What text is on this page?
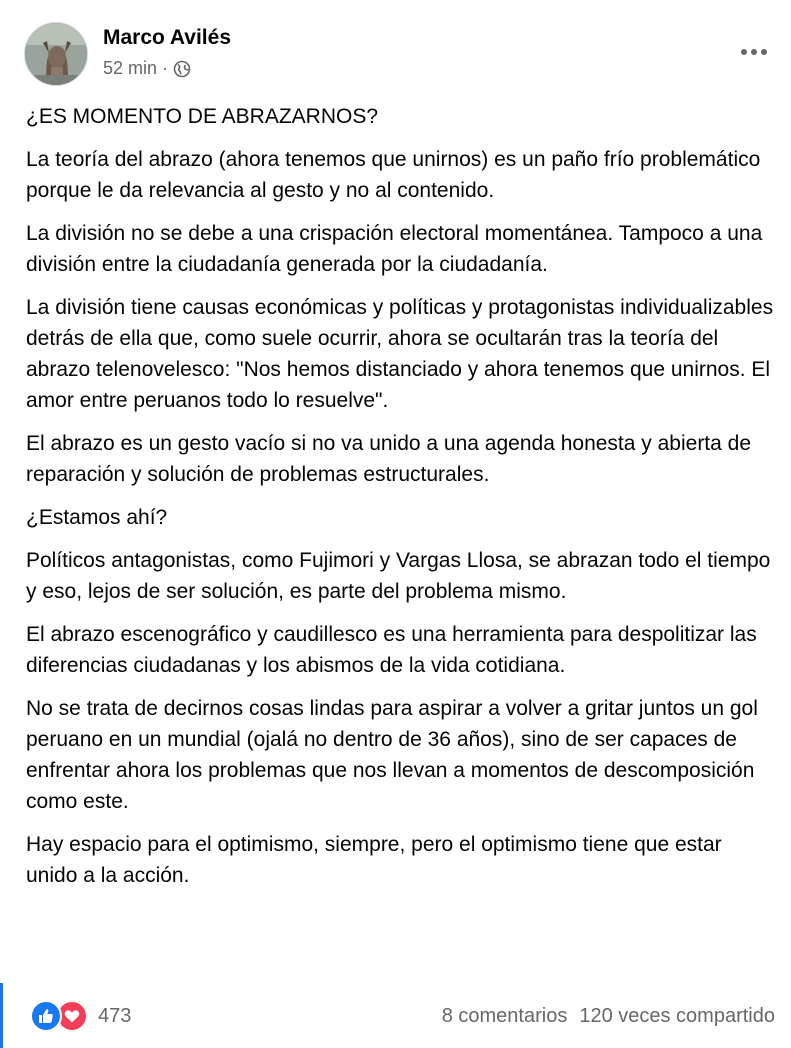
Marco Avilés
52 min ·

¿ES MOMENTO DE ABRAZARNOS?

La teoría del abrazo (ahora tenemos que unirnos) es un paño frío problemático porque le da relevancia al gesto y no al contenido.

La división no se debe a una crispación electoral momentánea. Tampoco a una división entre la ciudadanía generada por la ciudadanía.

La división tiene causas económicas y políticas y protagonistas individualizables detrás de ella que, como suele ocurrir, ahora se ocultarán tras la teoría del abrazo telenovelesco: "Nos hemos distanciado y ahora tenemos que unirnos. El amor entre peruanos todo lo resuelve".

El abrazo es un gesto vacío si no va unido a una agenda honesta y abierta de reparación y solución de problemas estructurales.

¿Estamos ahí?

Políticos antagonistas, como Fujimori y Vargas Llosa, se abrazan todo el tiempo y eso, lejos de ser solución, es parte del problema mismo.

El abrazo escenográfico y caudillesco es una herramienta para despolitizar las diferencias ciudadanas y los abismos de la vida cotidiana.

No se trata de decirnos cosas lindas para aspirar a volver a gritar juntos un gol peruano en un mundial (ojalá no dentro de 36 años), sino de ser capaces de enfrentar ahora los problemas que nos llevan a momentos de descomposición como este.

Hay espacio para el optimismo, siempre, pero el optimismo tiene que estar unido a la acción.

473	8 comentarios 120 veces compartido
